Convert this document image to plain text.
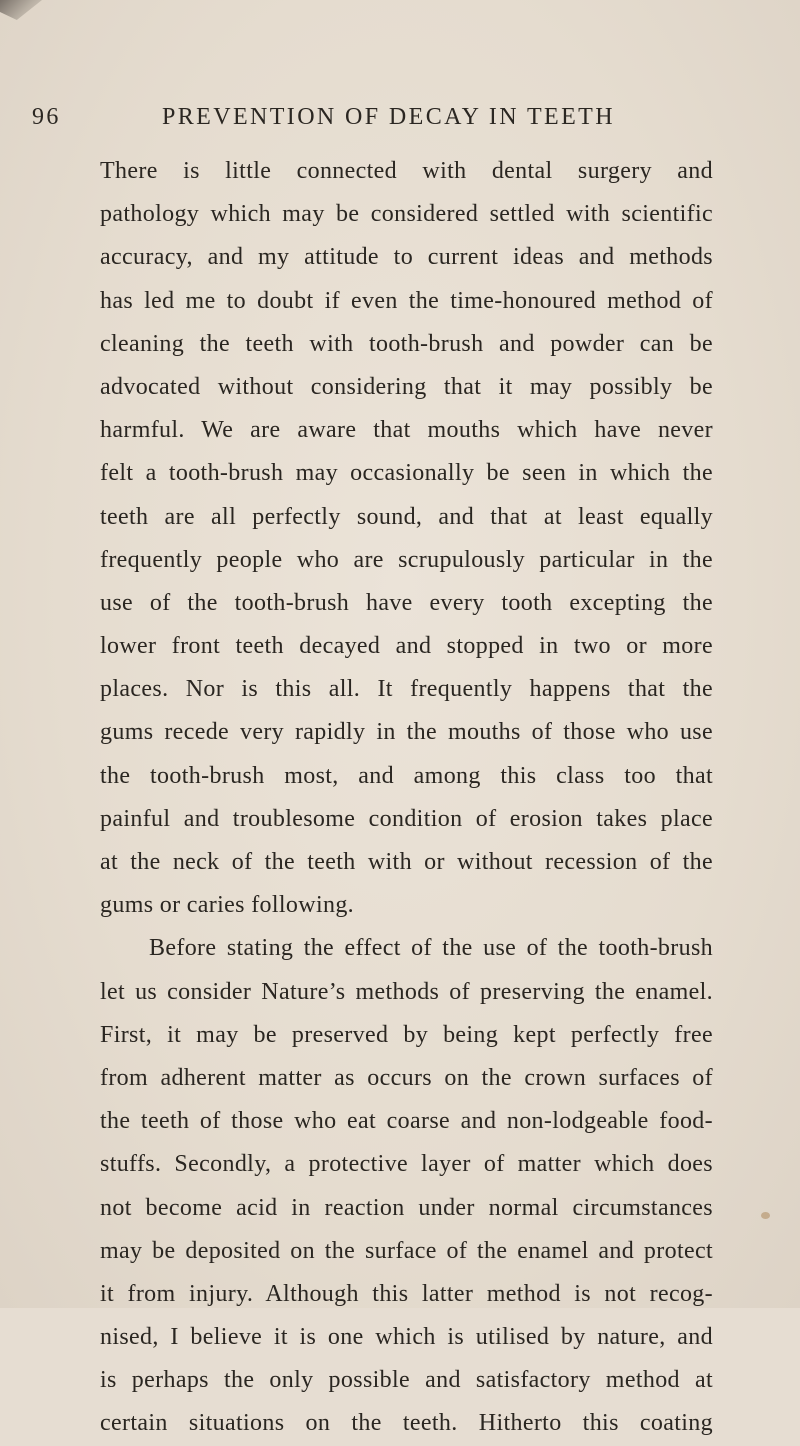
96	PREVENTION OF DECAY IN TEETH
There is little connected with dental surgery and
pathology which may be considered settled with scientific
accuracy, and my attitude to current ideas and methods
has led me to doubt if even the time-honoured method of
cleaning the teeth with tooth-brush and powder can be
advocated without considering that it may possibly be
harmful. We are aware that mouths which have never
felt a tooth-brush may occasionally be seen in which the
teeth are all perfectly sound, and that at least equally
frequently people who are scrupulously particular in the
use of the tooth-brush have every tooth excepting the
lower front teeth decayed and stopped in two or more
places. Nor is this all. It frequently happens that the
gums recede very rapidly in the mouths of those who use
the tooth-brush most, and among this class too that
painful and troublesome condition of erosion takes place
at the neck of the teeth with or without recession of the
gums or caries following.
Before stating the effect of the use of the tooth-brush
let us consider Nature’s methods of preserving the enamel.
First, it may be preserved by being kept perfectly free
from adherent matter as occurs on the crown surfaces of
the teeth of those who eat coarse and non-lodgeable food-
stuffs. Secondly, a protective layer of matter which does
not become acid in reaction under normal circumstances
may be deposited on the surface of the enamel and protect
it from injury. Although this latter method is not recog-
nised, I believe it is one which is utilised by nature, and
is perhaps the only possible and satisfactory method at
certain situations on the teeth. Hitherto this coating
